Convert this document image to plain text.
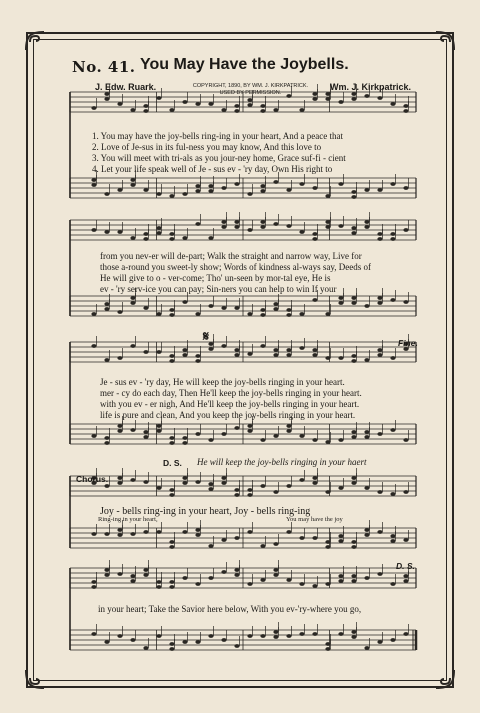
No. 41. You May Have the Joybells.
J. Edw. Ruark.	Wm. J. Kirkpatrick.
COPYRIGHT, 1890, BY WM. J. KIRKPATRICK.
USED BY PERMISSION.
1. You may have the joy-bells ring-ing in your heart, And a peace that
2. Love of Je-sus in its ful-ness you may know, And this love to
3. You will meet with tri-als as you jour-ney home, Grace suf-fi - cient
4. Let your life speak well of Je - sus ev - 'ry day, Own His right to
from you nev-er will de-part; Walk the straight and narrow way, Live for
those a-round you sweet-ly show; Words of kindness al-ways say, Deeds of
He will give to o - ver-come; Tho' un-seen by mor-tal eye, He is
ev - 'ry serv-ice you can pay; Sin-ners you can help to win If your
𝄋	Fine.
Je - sus ev - 'ry day, He will keep the joy-bells ringing in your heart.
mer - cy do each day, Then He'll keep the joy-bells ringing in your heart.
with you ev - er nigh, And He'll keep the joy-bells ringing in your heart.
life is pure and clean, And you keep the joy-bells ringing in your heart.
D. S. He will keep the joy-bells ringing in your haert
Chorus.
Joy - bells ring-ing in your heart, Joy - bells ring-ing
Ring-ing in your heart,	You may have the joy
D. S.
in your heart; Take the Savior here below, With you ev-'ry-where you go,
